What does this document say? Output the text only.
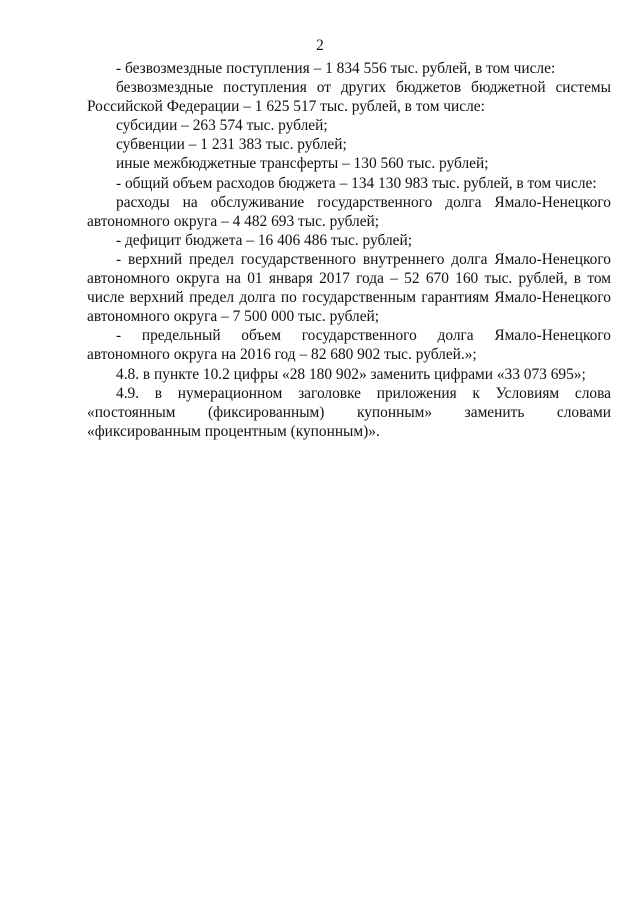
2

- безвозмездные поступления – 1 834 556 тыс. рублей, в том числе:

безвозмездные поступления от других бюджетов бюджетной системы Российской Федерации – 1 625 517 тыс. рублей, в том числе:

субсидии – 263 574 тыс. рублей;

субвенции – 1 231 383 тыс. рублей;

иные межбюджетные трансферты – 130 560 тыс. рублей;

- общий объем расходов бюджета – 134 130 983 тыс. рублей, в том числе:

расходы на обслуживание государственного долга Ямало-Ненецкого автономного округа – 4 482 693 тыс. рублей;

- дефицит бюджета – 16 406 486 тыс. рублей;

- верхний предел государственного внутреннего долга Ямало-Ненецкого автономного округа на 01 января 2017 года – 52 670 160 тыс. рублей, в том числе верхний предел долга по государственным гарантиям Ямало-Ненецкого автономного округа – 7 500 000 тыс. рублей;

- предельный объем государственного долга Ямало-Ненецкого автономного округа на 2016 год – 82 680 902 тыс. рублей.»;

4.8. в пункте 10.2 цифры «28 180 902» заменить цифрами «33 073 695»;

4.9. в нумерационном заголовке приложения к Условиям слова «постоянным (фиксированным) купонным» заменить словами «фиксированным процентным (купонным)».
